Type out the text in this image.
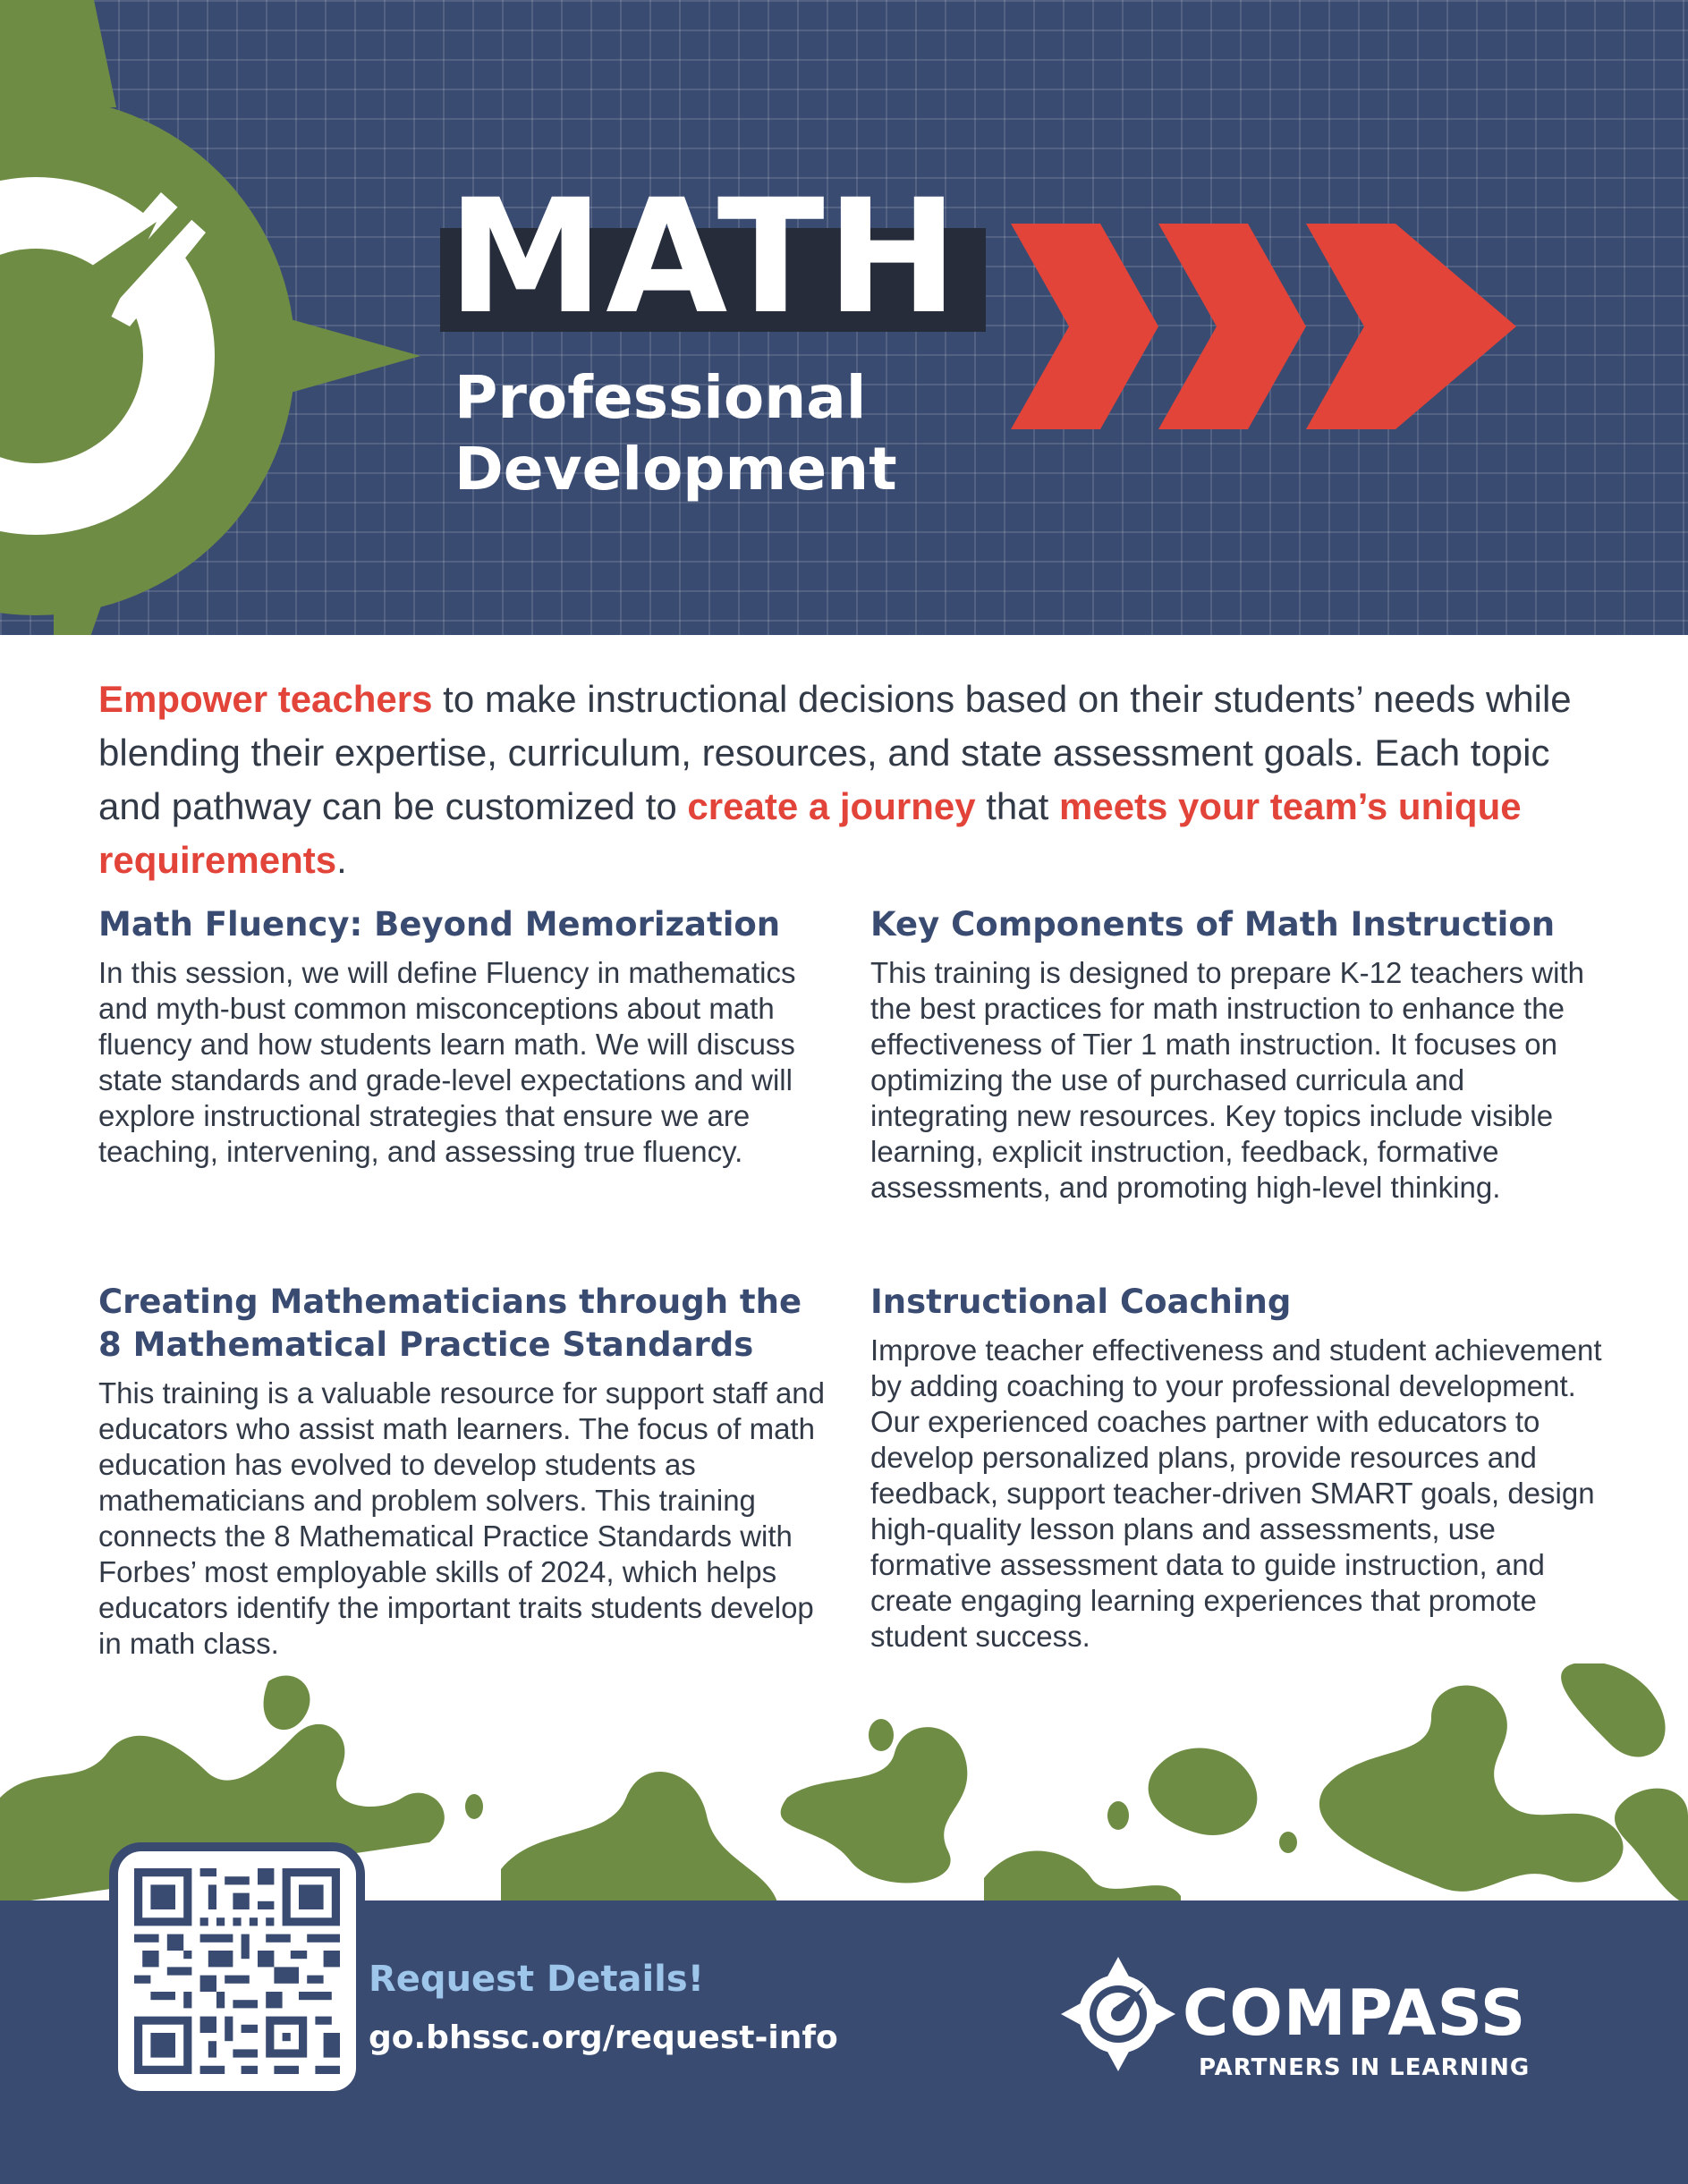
MATH
Professional
Development

Empower teachers to make instructional decisions based on their students’ needs while blending their expertise, curriculum, resources, and state assessment goals. Each topic and pathway can be customized to create a journey that meets your team’s unique requirements.

Math Fluency: Beyond Memorization

In this session, we will define Fluency in mathematics and myth-bust common misconceptions about math fluency and how students learn math. We will discuss state standards and grade-level expectations and will explore instructional strategies that ensure we are teaching, intervening, and assessing true fluency.

Key Components of Math Instruction

This training is designed to prepare K-12 teachers with the best practices for math instruction to enhance the effectiveness of Tier 1 math instruction. It focuses on optimizing the use of purchased curricula and integrating new resources. Key topics include visible learning, explicit instruction, feedback, formative assessments, and promoting high-level thinking.

Creating Mathematicians through the 8 Mathematical Practice Standards

This training is a valuable resource for support staff and educators who assist math learners. The focus of math education has evolved to develop students as mathematicians and problem solvers. This training connects the 8 Mathematical Practice Standards with Forbes’ most employable skills of 2024, which helps educators identify the important traits students develop in math class.

Instructional Coaching

Improve teacher effectiveness and student achievement by adding coaching to your professional development. Our experienced coaches partner with educators to develop personalized plans, provide resources and feedback, support teacher-driven SMART goals, design high-quality lesson plans and assessments, use formative assessment data to guide instruction, and create engaging learning experiences that promote student success.

Request Details!
go.bhssc.org/request-info	COMPASS
PARTNERS IN LEARNING
